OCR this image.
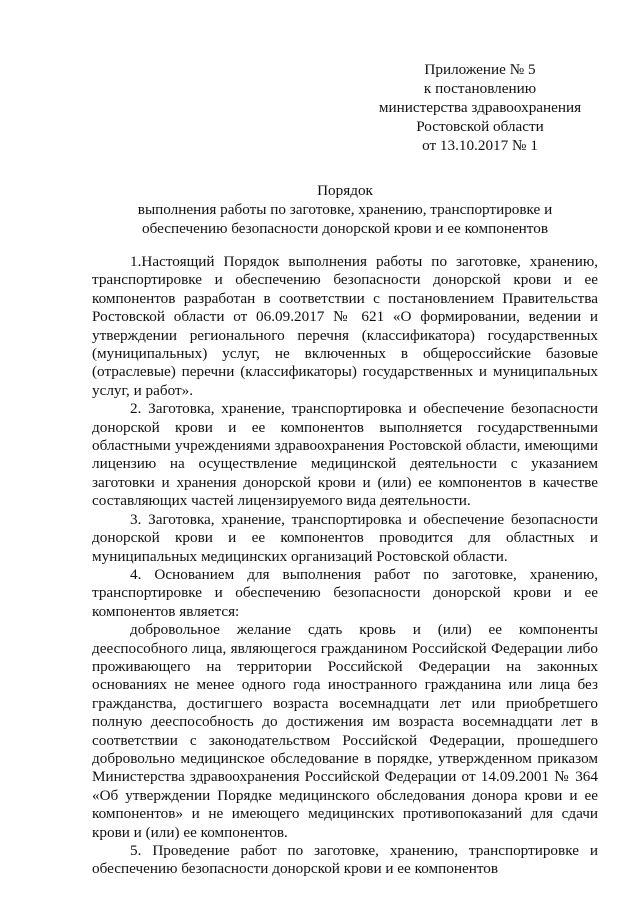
Приложение № 5
к постановлению
министерства здравоохранения
Ростовской области
от 13.10.2017 № 1
Порядок
выполнения работы по заготовке, хранению, транспортировке и
обеспечению безопасности донорской крови и ее компонентов

1.Настоящий Порядок выполнения работы по заготовке, хранению, транспортировке и обеспечению безопасности донорской крови и ее компонентов разработан в соответствии с постановлением Правительства Ростовской области от 06.09.2017 № 621 «О формировании, ведении и утверждении регионального перечня (классификатора) государственных (муниципальных) услуг, не включенных в общероссийские базовые (отраслевые) перечни (классификаторы) государственных и муниципальных услуг, и работ».

2. Заготовка, хранение, транспортировка и обеспечение безопасности донорской крови и ее компонентов выполняется государственными областными учреждениями здравоохранения Ростовской области, имеющими лицензию на осуществление медицинской деятельности с указанием заготовки и хранения донорской крови и (или) ее компонентов в качестве составляющих частей лицензируемого вида деятельности.

3. Заготовка, хранение, транспортировка и обеспечение безопасности донорской крови и ее компонентов проводится для областных и муниципальных медицинских организаций Ростовской области.

4. Основанием для выполнения работ по заготовке, хранению, транспортировке и обеспечению безопасности донорской крови и ее компонентов является:

добровольное желание сдать кровь и (или) ее компоненты дееспособного лица, являющегося гражданином Российской Федерации либо проживающего на территории Российской Федерации на законных основаниях не менее одного года иностранного гражданина или лица без гражданства, достигшего возраста восемнадцати лет или приобретшего полную дееспособность до достижения им возраста восемнадцати лет в соответствии с законодательством Российской Федерации, прошедшего добровольно медицинское обследование в порядке, утвержденном приказом Министерства здравоохранения Российской Федерации от 14.09.2001 № 364 «Об утверждении Порядке медицинского обследования донора крови и ее компонентов» и не имеющего медицинских противопоказаний для сдачи крови и (или) ее компонентов.

5. Проведение работ по заготовке, хранению, транспортировке и обеспечению безопасности донорской крови и ее компонентов
